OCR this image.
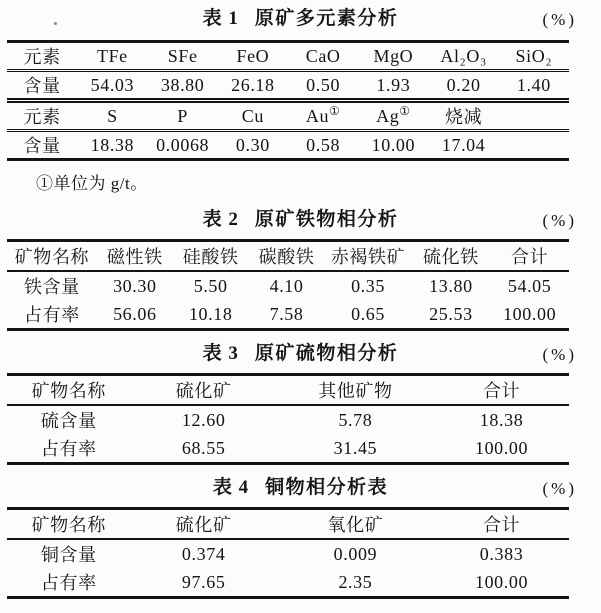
表 1 原矿多元素分析	(%)
元素	TFe	SFe	FeO	CaO	MgO	Al₂O₃	SiO₂
含量	54.03	38.80	26.18	0.50	1.93	0.20	1.40
元素	S	P	Cu	Au①	Ag①	烧减	
含量	18.38	0.0068	0.30	0.58	10.00	17.04	
①单位为 g/t。
表 2 原矿铁物相分析	(%)
矿物名称	磁性铁	硅酸铁	碳酸铁	赤褐铁矿	硫化铁	合计
铁含量	30.30	5.50	4.10	0.35	13.80	54.05
占有率	56.06	10.18	7.58	0.65	25.53	100.00
表 3 原矿硫物相分析	(%)
矿物名称	硫化矿	其他矿物	合计
硫含量	12.60	5.78	18.38
占有率	68.55	31.45	100.00
表 4 铜物相分析表	(%)
矿物名称	硫化矿	氧化矿	合计
铜含量	0.374	0.009	0.383
占有率	97.65	2.35	100.00
